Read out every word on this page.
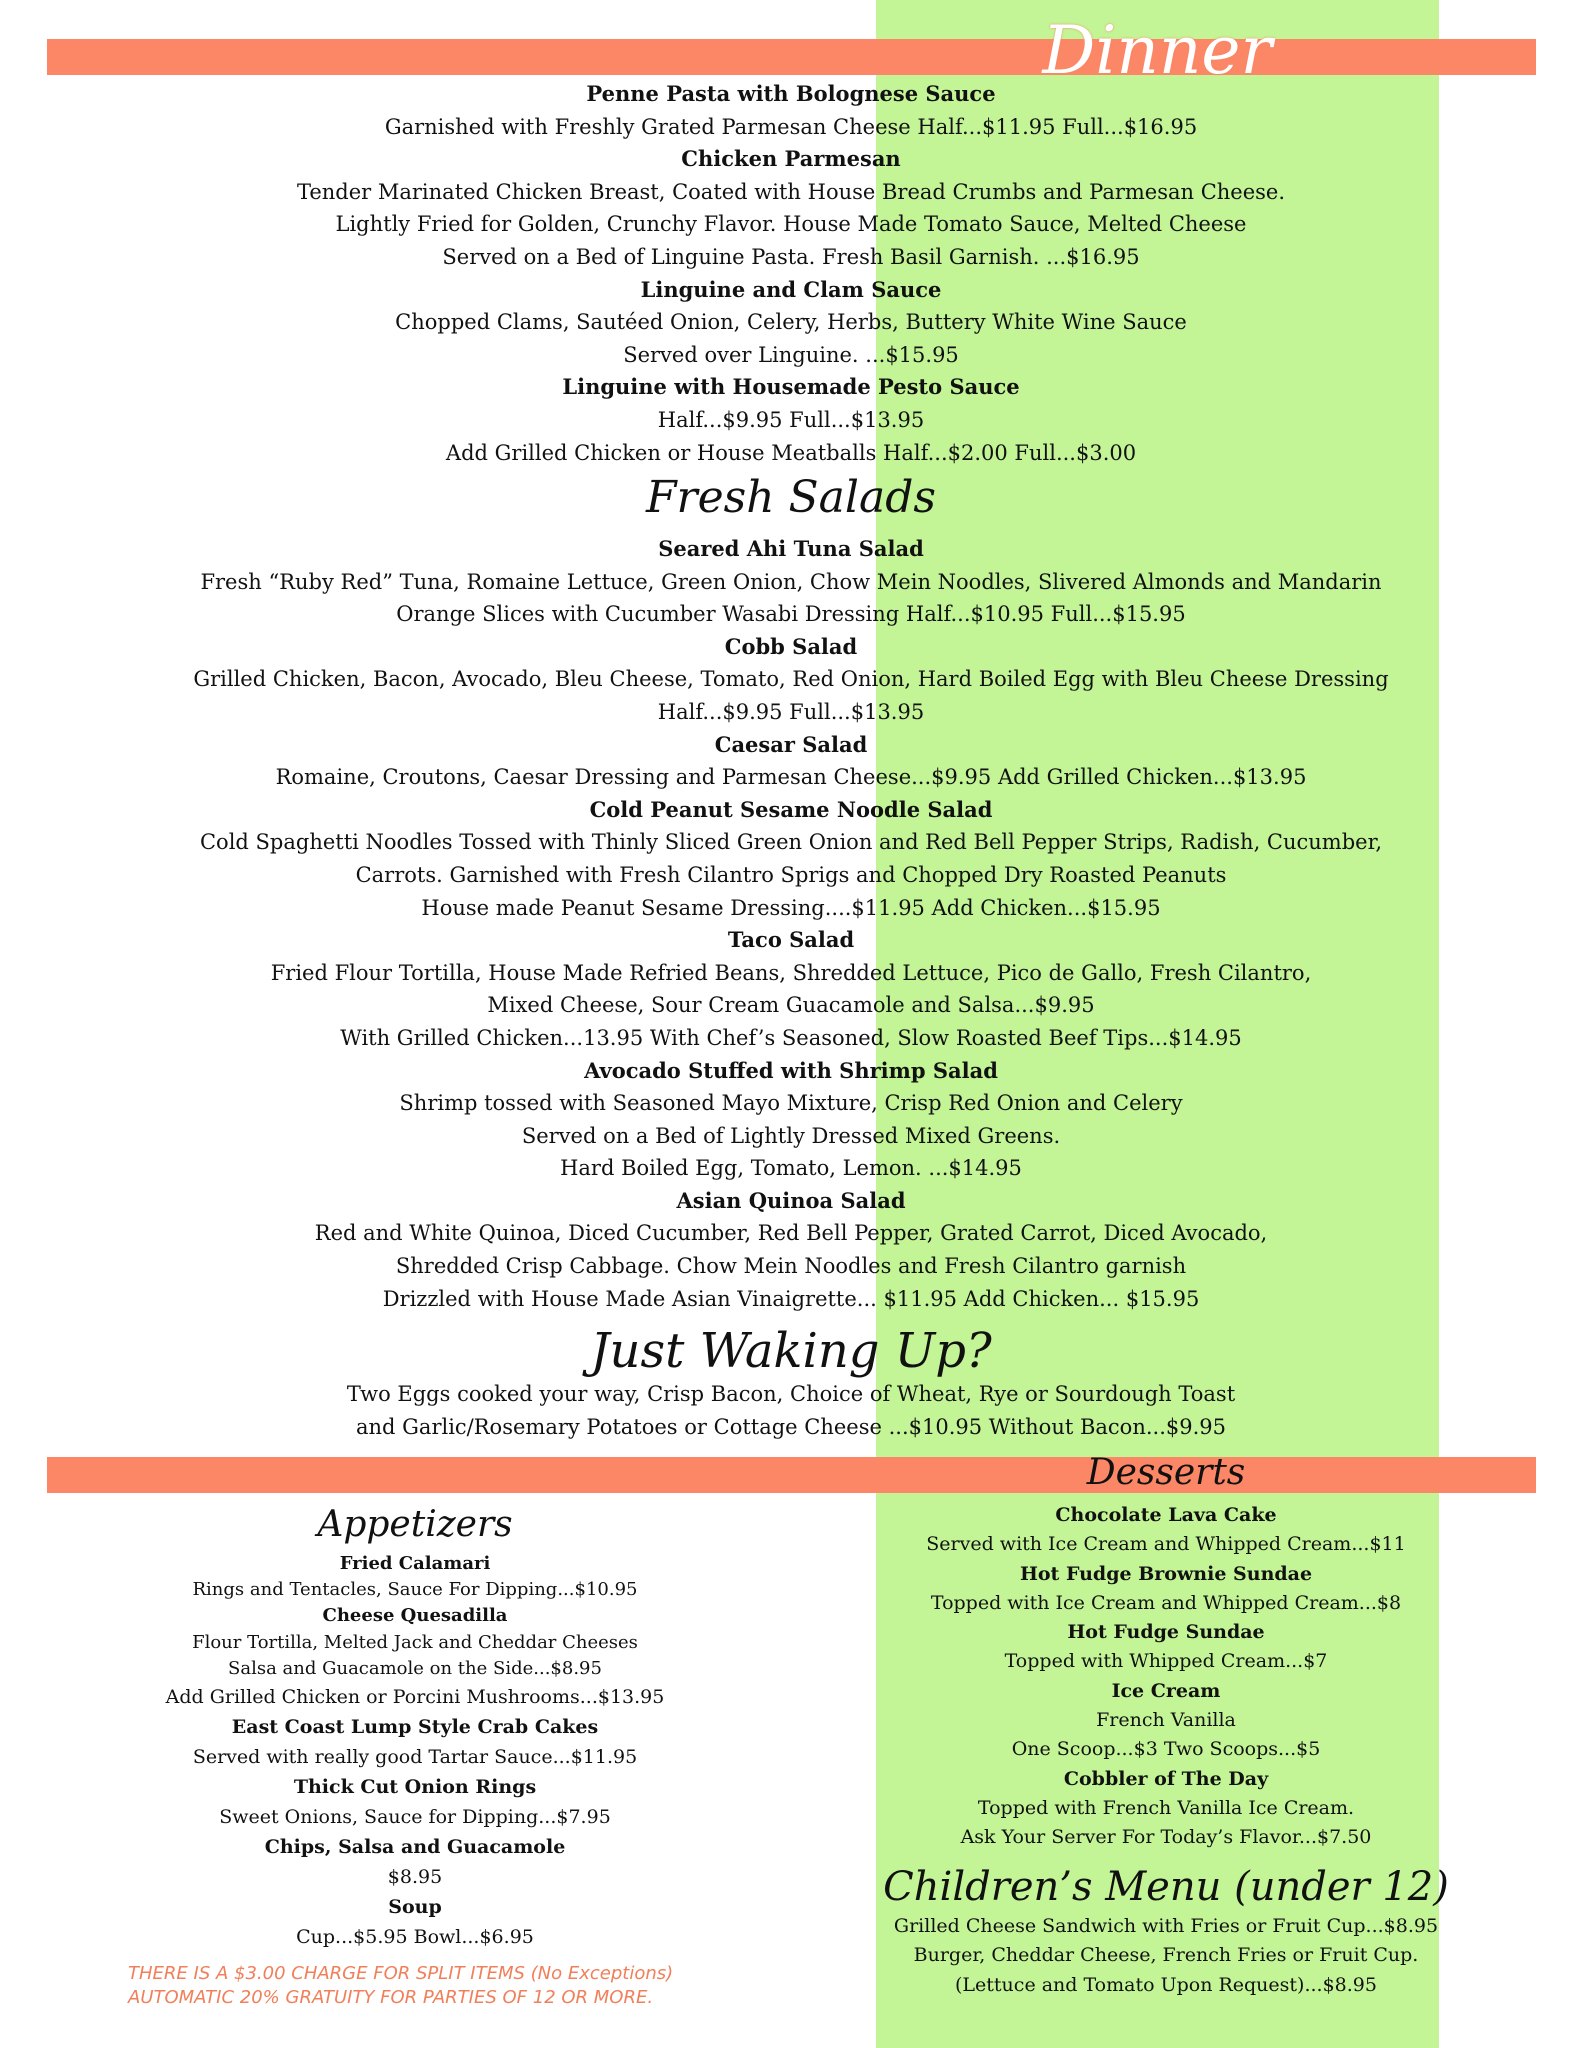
Dinner
Penne Pasta with Bolognese Sauce
Garnished with Freshly Grated Parmesan Cheese Half...$11.95 Full...$16.95
Chicken Parmesan
Tender Marinated Chicken Breast, Coated with House Bread Crumbs and Parmesan Cheese.
Lightly Fried for Golden, Crunchy Flavor. House Made Tomato Sauce, Melted Cheese
Served on a Bed of Linguine Pasta. Fresh Basil Garnish. ...$16.95
Linguine and Clam Sauce
Chopped Clams, Sautéed Onion, Celery, Herbs, Buttery White Wine Sauce
Served over Linguine. ...$15.95
Linguine with Housemade Pesto Sauce
Half...$9.95 Full...$13.95
Add Grilled Chicken or House Meatballs Half...$2.00 Full...$3.00
Fresh Salads
Seared Ahi Tuna Salad
Fresh “Ruby Red” Tuna, Romaine Lettuce, Green Onion, Chow Mein Noodles, Slivered Almonds and Mandarin
Orange Slices with Cucumber Wasabi Dressing Half...$10.95 Full...$15.95
Cobb Salad
Grilled Chicken, Bacon, Avocado, Bleu Cheese, Tomato, Red Onion, Hard Boiled Egg with Bleu Cheese Dressing
Half...$9.95 Full...$13.95
Caesar Salad
Romaine, Croutons, Caesar Dressing and Parmesan Cheese...$9.95 Add Grilled Chicken...$13.95
Cold Peanut Sesame Noodle Salad
Cold Spaghetti Noodles Tossed with Thinly Sliced Green Onion and Red Bell Pepper Strips, Radish, Cucumber,
Carrots. Garnished with Fresh Cilantro Sprigs and Chopped Dry Roasted Peanuts
House made Peanut Sesame Dressing....$11.95 Add Chicken...$15.95
Taco Salad
Fried Flour Tortilla, House Made Refried Beans, Shredded Lettuce, Pico de Gallo, Fresh Cilantro,
Mixed Cheese, Sour Cream Guacamole and Salsa...$9.95
With Grilled Chicken...13.95 With Chef’s Seasoned, Slow Roasted Beef Tips...$14.95
Avocado Stuffed with Shrimp Salad
Shrimp tossed with Seasoned Mayo Mixture, Crisp Red Onion and Celery
Served on a Bed of Lightly Dressed Mixed Greens.
Hard Boiled Egg, Tomato, Lemon. ...$14.95
Asian Quinoa Salad
Red and White Quinoa, Diced Cucumber, Red Bell Pepper, Grated Carrot, Diced Avocado,
Shredded Crisp Cabbage. Chow Mein Noodles and Fresh Cilantro garnish
Drizzled with House Made Asian Vinaigrette... $11.95 Add Chicken... $15.95
Just Waking Up?
Two Eggs cooked your way, Crisp Bacon, Choice of Wheat, Rye or Sourdough Toast
and Garlic/Rosemary Potatoes or Cottage Cheese ...$10.95 Without Bacon...$9.95
Appetizers
Fried Calamari
Rings and Tentacles, Sauce For Dipping...$10.95
Cheese Quesadilla
Flour Tortilla, Melted Jack and Cheddar Cheeses
Salsa and Guacamole on the Side...$8.95
Add Grilled Chicken or Porcini Mushrooms...$13.95
East Coast Lump Style Crab Cakes
Served with really good Tartar Sauce...$11.95
Thick Cut Onion Rings
Sweet Onions, Sauce for Dipping...$7.95
Chips, Salsa and Guacamole
$8.95
Soup
Cup...$5.95 Bowl...$6.95
THERE IS A $3.00 CHARGE FOR SPLIT ITEMS (No Exceptions)
AUTOMATIC 20% GRATUITY FOR PARTIES OF 12 OR MORE.
Desserts
Chocolate Lava Cake
Served with Ice Cream and Whipped Cream...$11
Hot Fudge Brownie Sundae
Topped with Ice Cream and Whipped Cream...$8
Hot Fudge Sundae
Topped with Whipped Cream...$7
Ice Cream
French Vanilla
One Scoop...$3 Two Scoops...$5
Cobbler of The Day
Topped with French Vanilla Ice Cream.
Ask Your Server For Today’s Flavor...$7.50
Children’s Menu (under 12)
Grilled Cheese Sandwich with Fries or Fruit Cup...$8.95
Burger, Cheddar Cheese, French Fries or Fruit Cup.
(Lettuce and Tomato Upon Request)...$8.95
